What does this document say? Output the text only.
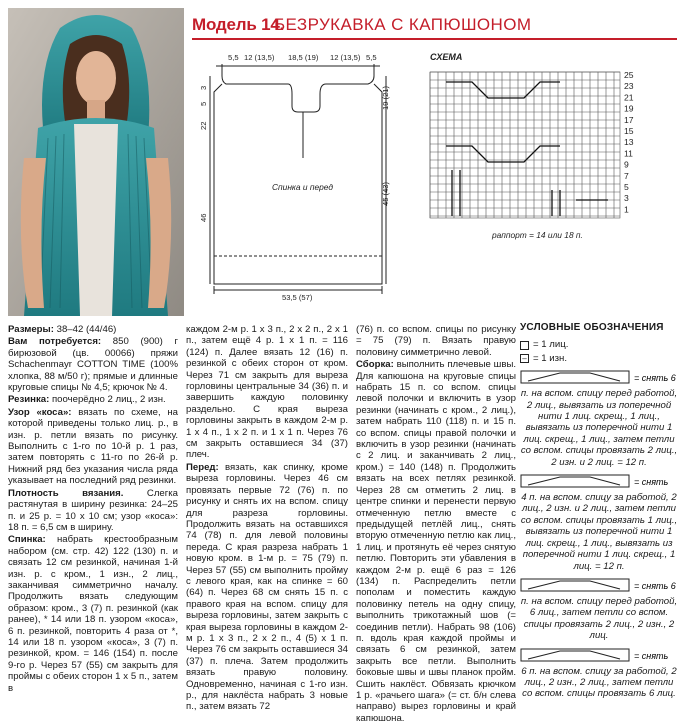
Модель 14.
БЕЗРУКАВКА С КАПЮШОНОМ
5,5 12 (13,5) 18,5 (19) 12 (13,5) 5,5
3
5
22
46
19 (21)
45 (43)
Спинка и перед
53,5 (57)
СХЕМА
25
23
21
19
17
15
13
11
9
7
5
3
1
раппорт = 14 или 18 п.

Размеры: 38–42 (44/46)

Вам потребуется: 850 (900) г бирюзовой (цв. 00066) пряжи Schachenmayr COTTON TIME (100% хлопка, 88 м/50 г); прямые и длинные круговые спицы № 4,5; крючок № 4.

Резинка: поочерёдно 2 лиц., 2 изн.

Узор «коса»: вязать по схеме, на которой приведены только лиц. р., в изн. р. петли вязать по рисунку. Выполнить с 1-го по 10-й р. 1 раз, затем повторять с 11-го по 26-й р. Нижний ряд без указания числа ряда указывает на последний ряд резинки.

Плотность вязания. Слегка растянутая в ширину резинка: 24–25 п. и 25 р. = 10 х 10 см; узор «коса»: 18 п. = 6,5 см в ширину.

Спинка: набрать крестообразным набором (см. стр. 42) 122 (130) п. и связать 12 см резинкой, начиная 1-й изн. р. с кром., 1 изн., 2 лиц., заканчивая симметрично началу. Продолжить вязать следующим образом: кром., 3 (7) п. резинкой (как ранее), * 14 или 18 п. узором «коса», 6 п. резинкой, повторить 4 раза от *, 14 или 18 п. узором «коса», 3 (7) п. резинкой, кром. = 146 (154) п. после 9-го р. Через 57 (55) см закрыть для проймы с обеих сторон 1 х 5 п., затем в

каждом 2-м р. 1 х 3 п., 2 х 2 п., 2 х 1 п., затем ещё 4 р. 1 х 1 п. = 116 (124) п. Далее вязать 12 (16) п. резинкой с обеих сторон от кром. Через 71 см закрыть для выреза горловины центральные 34 (36) п. и завершить каждую половинку раздельно. С края выреза горловины закрыть в каждом 2-м р. 1 х 4 п., 1 х 2 п. и 1 х 1 п. Через 76 см закрыть оставшиеся 34 (37) плеч.

Перед: вязать, как спинку, кроме выреза горловины. Через 46 см провязать первые 72 (76) п. по рисунку и снять их на вспом. спицу для разреза горловины. Продолжить вязать на оставшихся 74 (78) п. для левой половины переда. С края разреза набрать 1 новую кром. в 1-м р. = 75 (79) п. Через 57 (55) см выполнить пройму с левого края, как на спинке = 60 (64) п. Через 68 см снять 15 п. с правого края на вспом. спицу для выреза горловины, затем закрыть с края выреза горловины в каждом 2-м р. 1 х 3 п., 2 х 2 п., 4 (5) х 1 п. Через 76 см закрыть оставшиеся 34 (37) п. плеча. Затем продолжить вязать правую половину. Одновременно, начиная с 1-го изн. р., для наклёста набрать 3 новые п., затем вязать 72

(76) п. со вспом. спицы по рисунку = 75 (79) п. Вязать правую половину симметрично левой.

Сборка: выполнить плечевые швы. Для капюшона на круговые спицы набрать 15 п. со вспом. спицы левой полочки и включить в узор резинки (начинать с кром., 2 лиц.), затем набрать 110 (118) п. и 15 п. со вспом. спицы правой полочки и включить в узор резинки (начинать с 2 лиц. и заканчивать 2 лиц., кром.) = 140 (148) п. Продолжить вязать на всех петлях резинкой. Через 28 см отметить 2 лиц. в центре спинки и перенести первую отмеченную петлю вместе с предыдущей петлёй лиц., снять вторую отмеченную петлю как лиц., 1 лиц. и протянуть её через снятую петлю. Повторить эти убавления в каждом 2-м р. ещё 6 раз = 126 (134) п. Распределить петли пополам и поместить каждую половинку петель на одну спицу, выполнить трикотажный шов (= соединив петли). Набрать 98 (106) п. вдоль края каждой проймы и связать 6 см резинкой, затем закрыть все петли. Выполнить боковые швы и швы планок пройм. Сшить наклёст. Обвязать крючком 1 р. «рачьего шага» (= ст. б/н слева направо) вырез горловины и край капюшона.

УСЛОВНЫЕ ОБОЗНАЧЕНИЯ
= 1 лиц.
– = 1 изн.
= снять 6
п. на вспом. спицу перед работой, 2 лиц., вывязать из поперечной нити 1 лиц. скрещ., 1 лиц., вывязать из поперечной нити 1 лиц. скрещ., 1 лиц., затем петли со вспом. спицы провязать 2 лиц., 2 изн. и 2 лиц. = 12 п.
= снять
4 п. на вспом. спицу за работой, 2 лиц., 2 изн. и 2 лиц., затем петли со вспом. спицы провязать 1 лиц., вывязать из поперечной нити 1 лиц. скрещ., 1 лиц., вывязать из поперечной нити 1 лиц. скрещ., 1 лиц. = 12 п.
= снять 6
п. на вспом. спицу перед работой, 6 лиц., затем петли со вспом. спицы провязать 2 лиц., 2 изн., 2 лиц.
= снять
6 п. на вспом. спицу за работой, 2 лиц., 2 изн., 2 лиц., затем петли со вспом. спицы провязать 6 лиц.
